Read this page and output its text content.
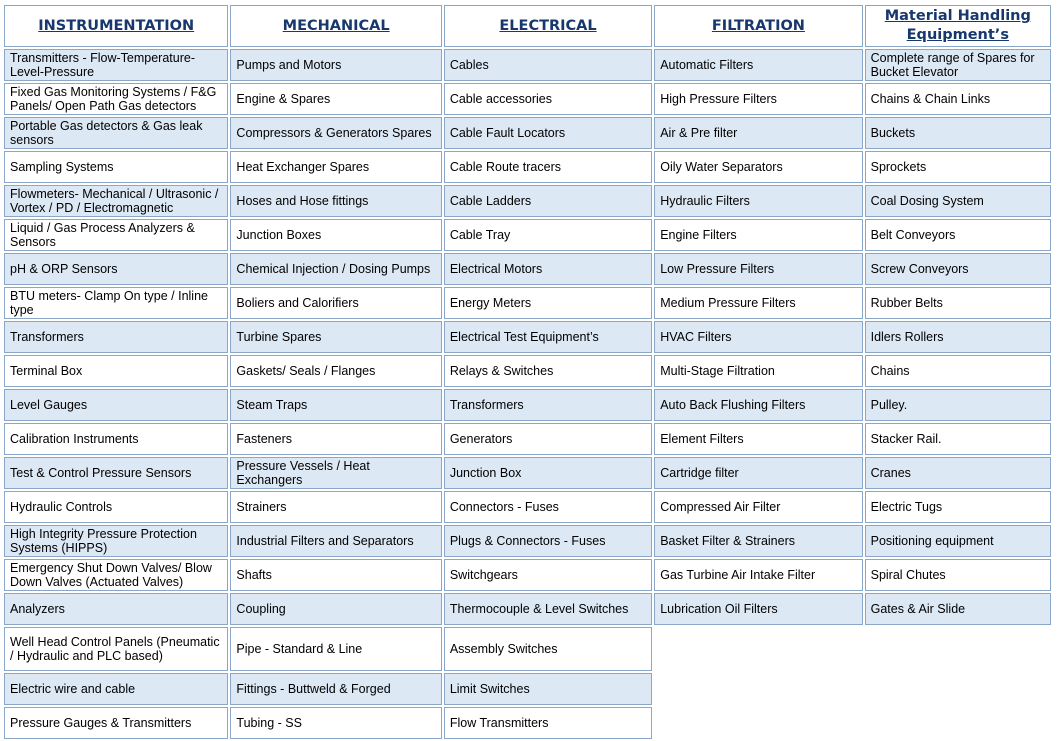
INSTRUMENTATION	MECHANICAL	ELECTRICAL	FILTRATION	Material Handling Equipment’s
Transmitters - Flow-Temperature-Level-Pressure	Pumps and Motors	Cables	Automatic Filters	Complete range of Spares for Bucket Elevator
Fixed Gas Monitoring Systems / F&G Panels/ Open Path Gas detectors	Engine & Spares	Cable accessories	High Pressure Filters	Chains & Chain Links
Portable Gas detectors & Gas leak sensors	Compressors & Generators Spares	Cable Fault Locators	Air & Pre filter	Buckets
Sampling Systems	Heat Exchanger Spares	Cable Route tracers	Oily Water Separators	Sprockets
Flowmeters- Mechanical / Ultrasonic / Vortex / PD / Electromagnetic	Hoses and Hose fittings	Cable Ladders	Hydraulic Filters	Coal Dosing System
Liquid / Gas Process Analyzers & Sensors	Junction Boxes	Cable Tray	Engine Filters	Belt Conveyors
pH & ORP Sensors	Chemical Injection / Dosing Pumps	Electrical Motors	Low Pressure Filters	Screw Conveyors
BTU meters- Clamp On type / Inline type	Boliers and Calorifiers	Energy Meters	Medium Pressure Filters	Rubber Belts
Transformers	Turbine Spares	Electrical Test Equipment’s	HVAC Filters	Idlers Rollers
Terminal Box	Gaskets/ Seals / Flanges	Relays & Switches	Multi-Stage Filtration	Chains
Level Gauges	Steam Traps	Transformers	Auto Back Flushing Filters	Pulley.
Calibration Instruments	Fasteners	Generators	Element Filters	Stacker Rail.
Test & Control Pressure Sensors	Pressure Vessels / Heat Exchangers	Junction Box	Cartridge filter	Cranes
Hydraulic Controls	Strainers	Connectors - Fuses	Compressed Air Filter	Electric Tugs
High Integrity Pressure Protection Systems (HIPPS)	Industrial Filters and Separators	Plugs & Connectors - Fuses	Basket Filter & Strainers	Positioning equipment
Emergency Shut Down Valves/ Blow Down Valves (Actuated Valves)	Shafts	Switchgears	Gas Turbine Air Intake Filter	Spiral Chutes
Analyzers	Coupling	Thermocouple & Level Switches	Lubrication Oil Filters	Gates & Air Slide
Well Head Control Panels (Pneumatic / Hydraulic and PLC based)	Pipe - Standard & Line	Assembly Switches		
Electric wire and cable	Fittings - Buttweld & Forged	Limit Switches		
Pressure Gauges & Transmitters	Tubing - SS	Flow Transmitters		
